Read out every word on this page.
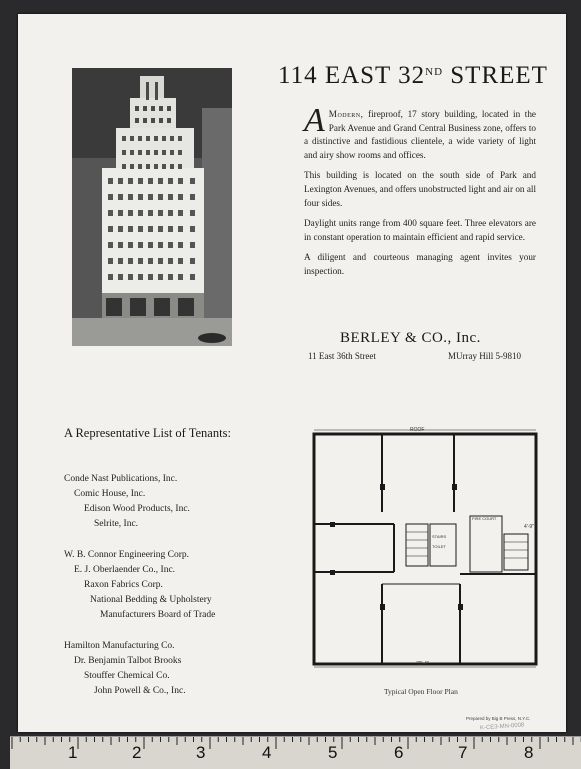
114 EAST 32ND STREET

A Modern, fireproof, 17 story building, located in the Park Avenue and Grand Central Business zone, offers to a distinctive and fastidious clientele, a wide variety of light and airy show rooms and offices.

This building is located on the south side of Park and Lexington Avenues, and offers unobstructed light and air on all four sides.

Daylight units range from 400 square feet. Three elevators are in constant operation to maintain efficient and rapid service.

A diligent and courteous managing agent invites your inspection.

BERLEY & CO., Inc.
11 East 36th Street	MUrray Hill 5-9810
A Representative List of Tenants:
Conde Nast Publications, Inc.
Comic House, Inc.
Edison Wood Products, Inc.
Selrite, Inc.
W. B. Connor Engineering Corp.
E. J. Oberlaender Co., Inc.
Raxon Fabrics Corp.
National Bedding & Upholstery
Manufacturers Board of Trade
Hamilton Manufacturing Co.
Dr. Benjamin Talbot Brooks
Stouffer Chemical Co.
John Powell & Co., Inc.
ROOF
78'-4"
4'-9"
FIRE COURT
STAIRS
TOILET
Typical Open Floor Plan
Prepared by Big B Press, N.Y.C.
K-CE3-MN-0008
1	2	3	4	5	6	7	8
